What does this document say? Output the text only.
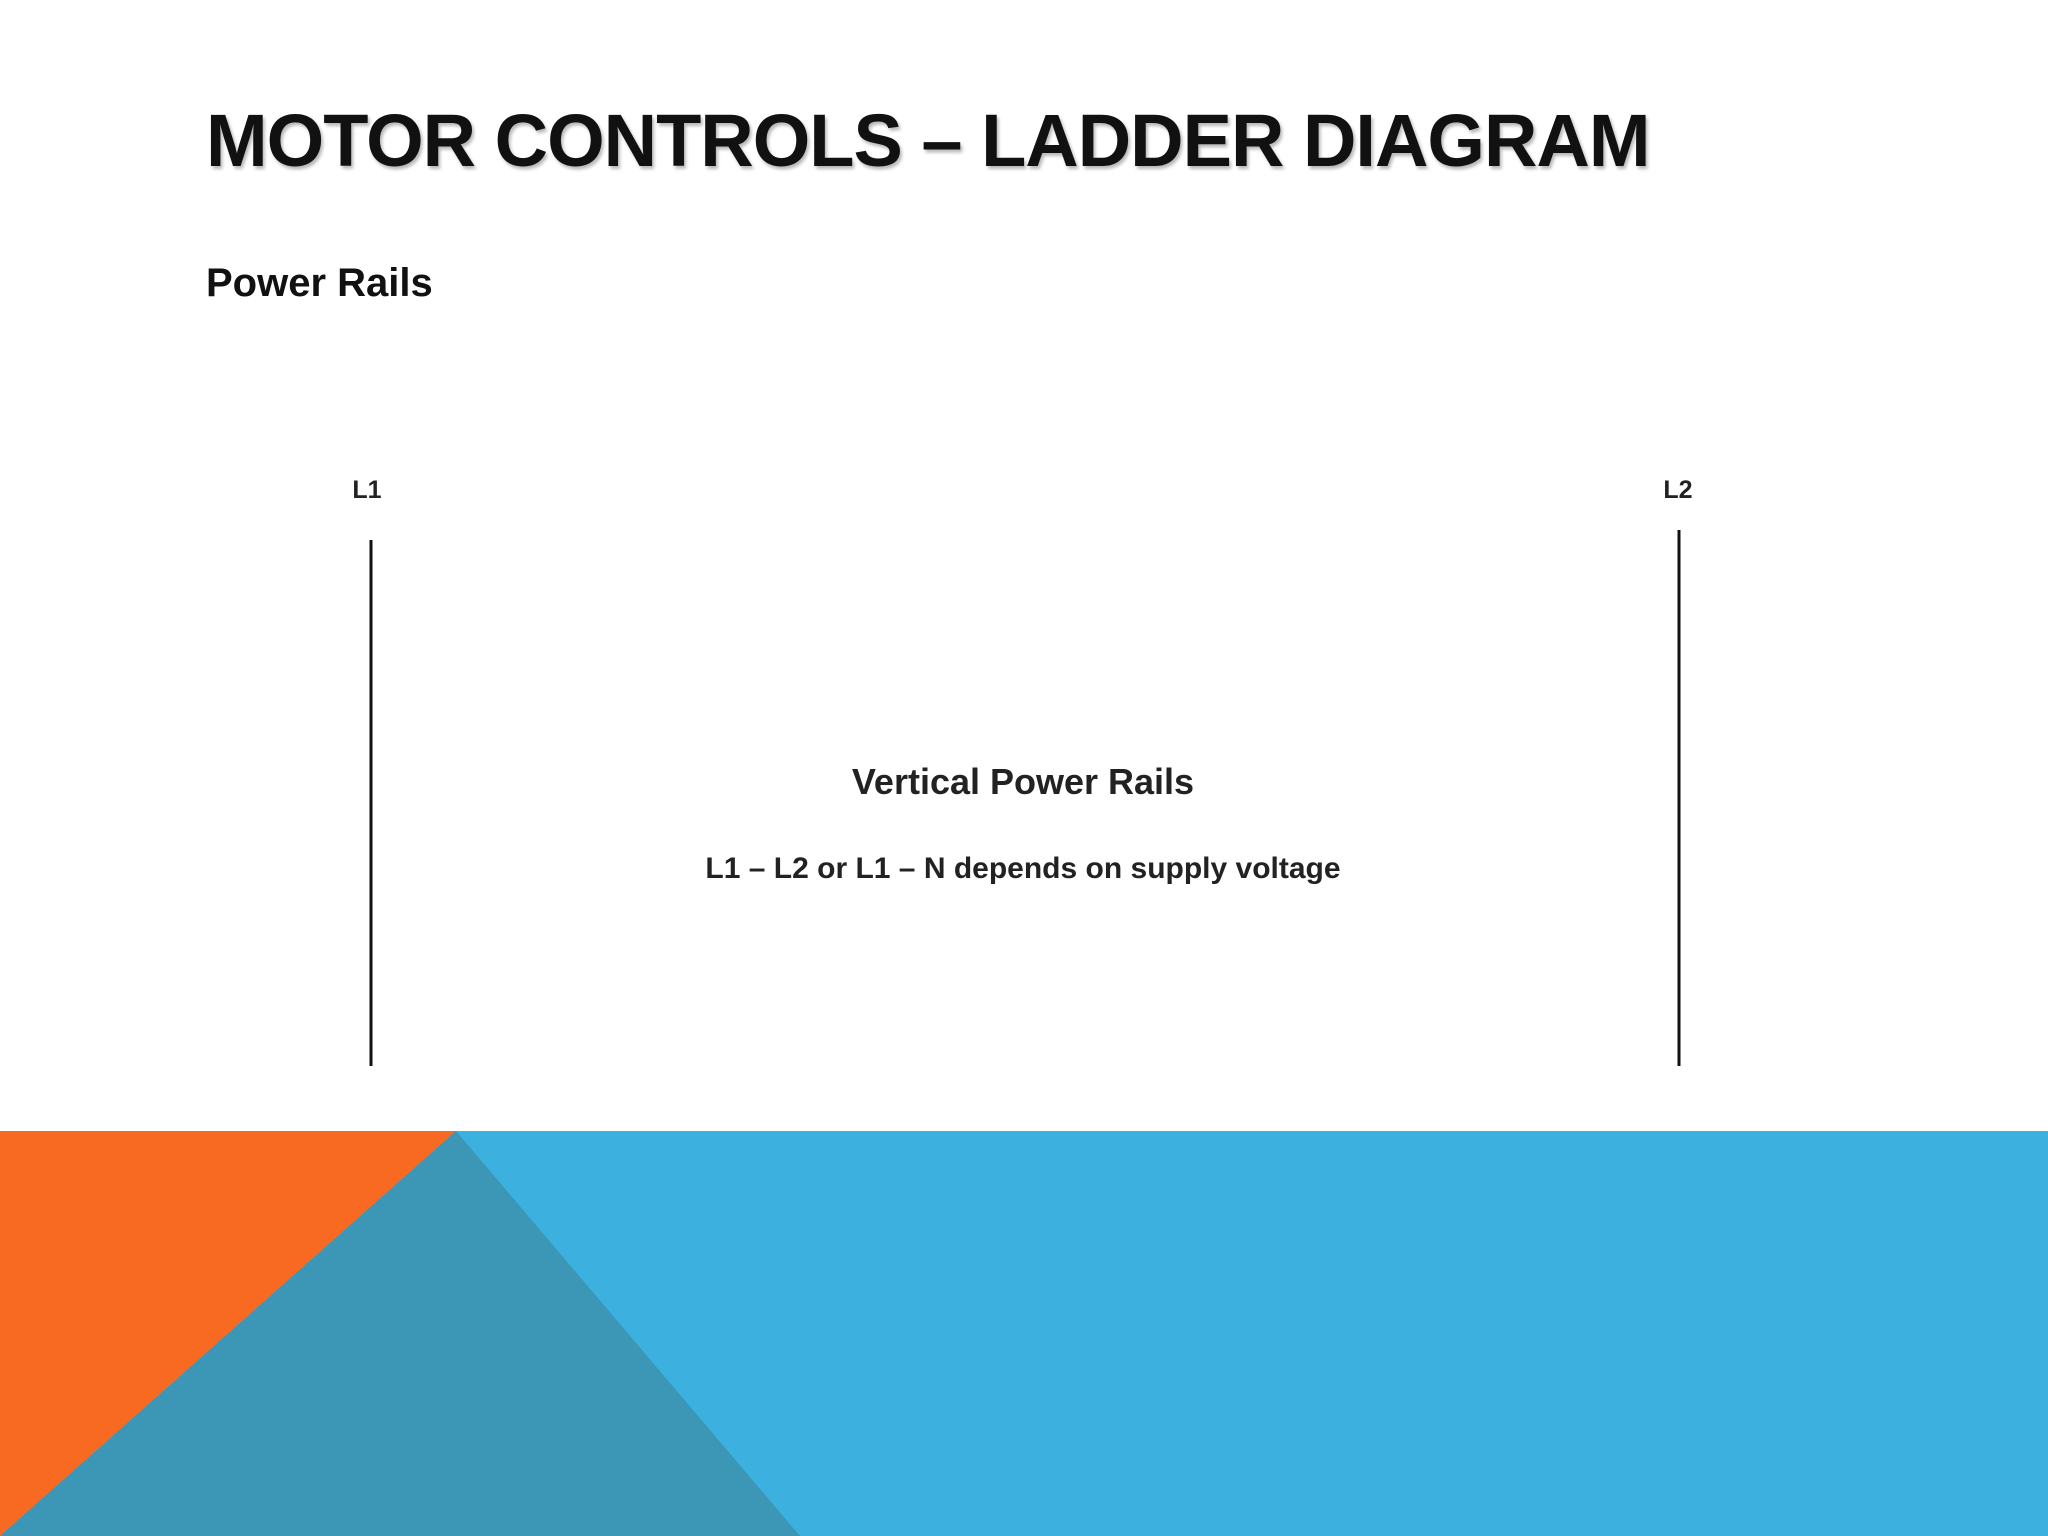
MOTOR CONTROLS – LADDER DIAGRAM
Power Rails
L1	L2
Vertical Power Rails
L1 – L2 or L1 – N depends on supply voltage
